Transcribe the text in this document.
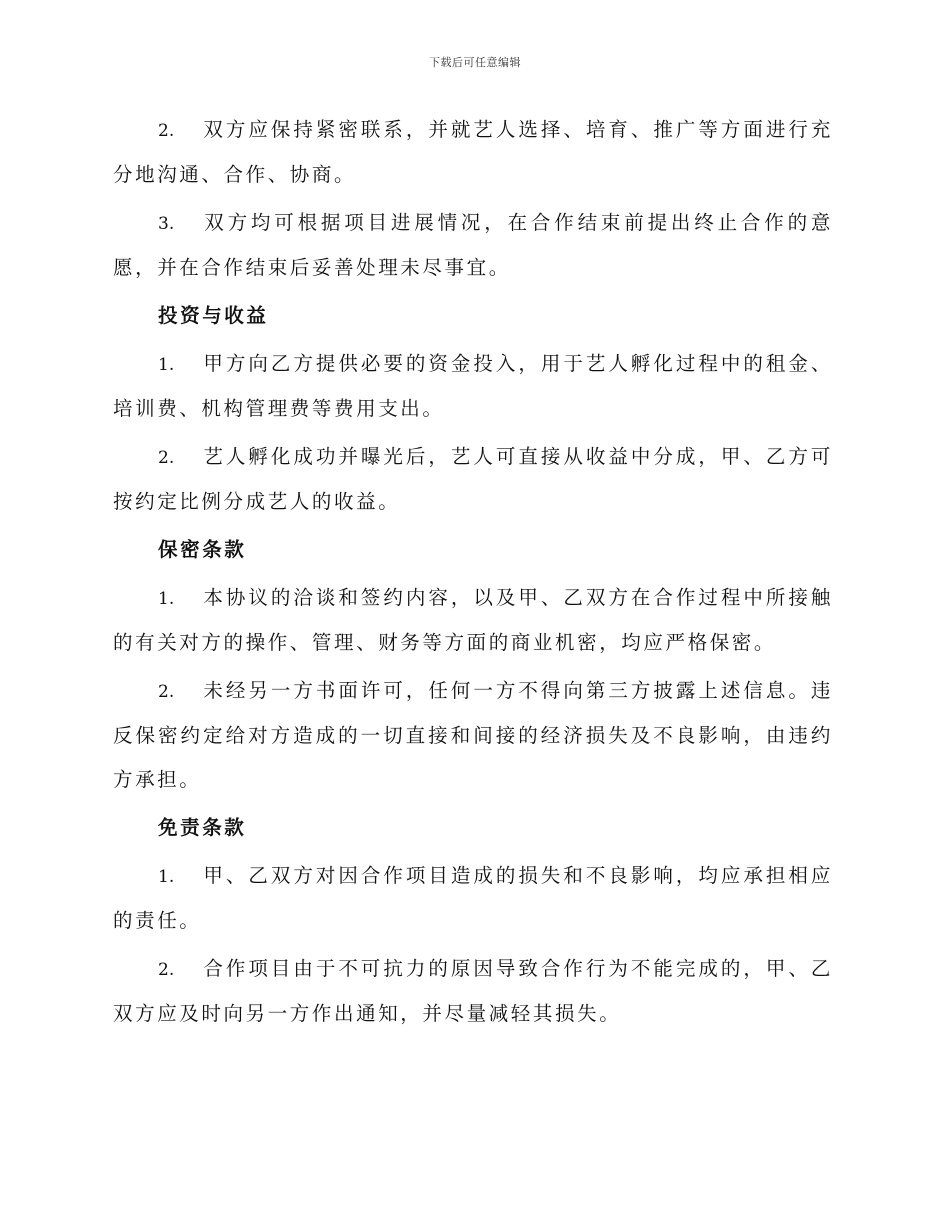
下载后可任意编辑

2. 双方应保持紧密联系，并就艺人选择、培育、推广等方面进行充分地沟通、合作、协商。

3. 双方均可根据项目进展情况，在合作结束前提出终止合作的意愿，并在合作结束后妥善处理未尽事宜。

投资与收益

1. 甲方向乙方提供必要的资金投入，用于艺人孵化过程中的租金、培训费、机构管理费等费用支出。

2. 艺人孵化成功并曝光后，艺人可直接从收益中分成，甲、乙方可按约定比例分成艺人的收益。

保密条款

1. 本协议的洽谈和签约内容，以及甲、乙双方在合作过程中所接触的有关对方的操作、管理、财务等方面的商业机密，均应严格保密。

2. 未经另一方书面许可，任何一方不得向第三方披露上述信息。违反保密约定给对方造成的一切直接和间接的经济损失及不良影响，由违约方承担。

免责条款

1. 甲、乙双方对因合作项目造成的损失和不良影响，均应承担相应的责任。

2. 合作项目由于不可抗力的原因导致合作行为不能完成的，甲、乙双方应及时向另一方作出通知，并尽量减轻其损失。
